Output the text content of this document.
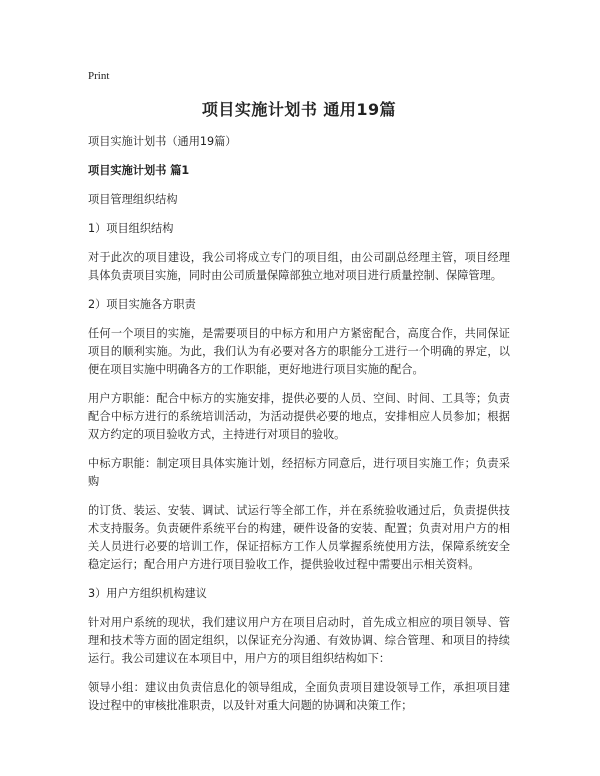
Print
项目实施计划书 通用19篇
项目实施计划书（通用19篇）
项目实施计划书 篇1
项目管理组织结构
1）项目组织结构
对于此次的项目建设，我公司将成立专门的项目组，由公司副总经理主管，项目经理具体负责项目实施，同时由公司质量保障部独立地对项目进行质量控制、保障管理。
2）项目实施各方职责
任何一个项目的实施，是需要项目的中标方和用户方紧密配合，高度合作，共同保证项目的顺利实施。为此，我们认为有必要对各方的职能分工进行一个明确的界定，以便在项目实施中明确各方的工作职能，更好地进行项目实施的配合。
用户方职能：配合中标方的实施安排，提供必要的人员、空间、时间、工具等；负责配合中标方进行的系统培训活动，为活动提供必要的地点，安排相应人员参加；根据双方约定的项目验收方式，主持进行对项目的验收。
中标方职能：制定项目具体实施计划，经招标方同意后，进行项目实施工作；负责采购
的订货、装运、安装、调试、试运行等全部工作，并在系统验收通过后，负责提供技术支持服务。负责硬件系统平台的构建，硬件设备的安装、配置；负责对用户方的相关人员进行必要的培训工作，保证招标方工作人员掌握系统使用方法，保障系统安全稳定运行；配合用户方进行项目验收工作，提供验收过程中需要出示相关资料。
3）用户方组织机构建议
针对用户系统的现状，我们建议用户方在项目启动时，首先成立相应的项目领导、管理和技术等方面的固定组织，以保证充分沟通、有效协调、综合管理、和项目的持续运行。我公司建议在本项目中，用户方的项目组织结构如下：
领导小组：建议由负责信息化的领导组成，全面负责项目建设领导工作，承担项目建设过程中的审核批准职责，以及针对重大问题的协调和决策工作；
